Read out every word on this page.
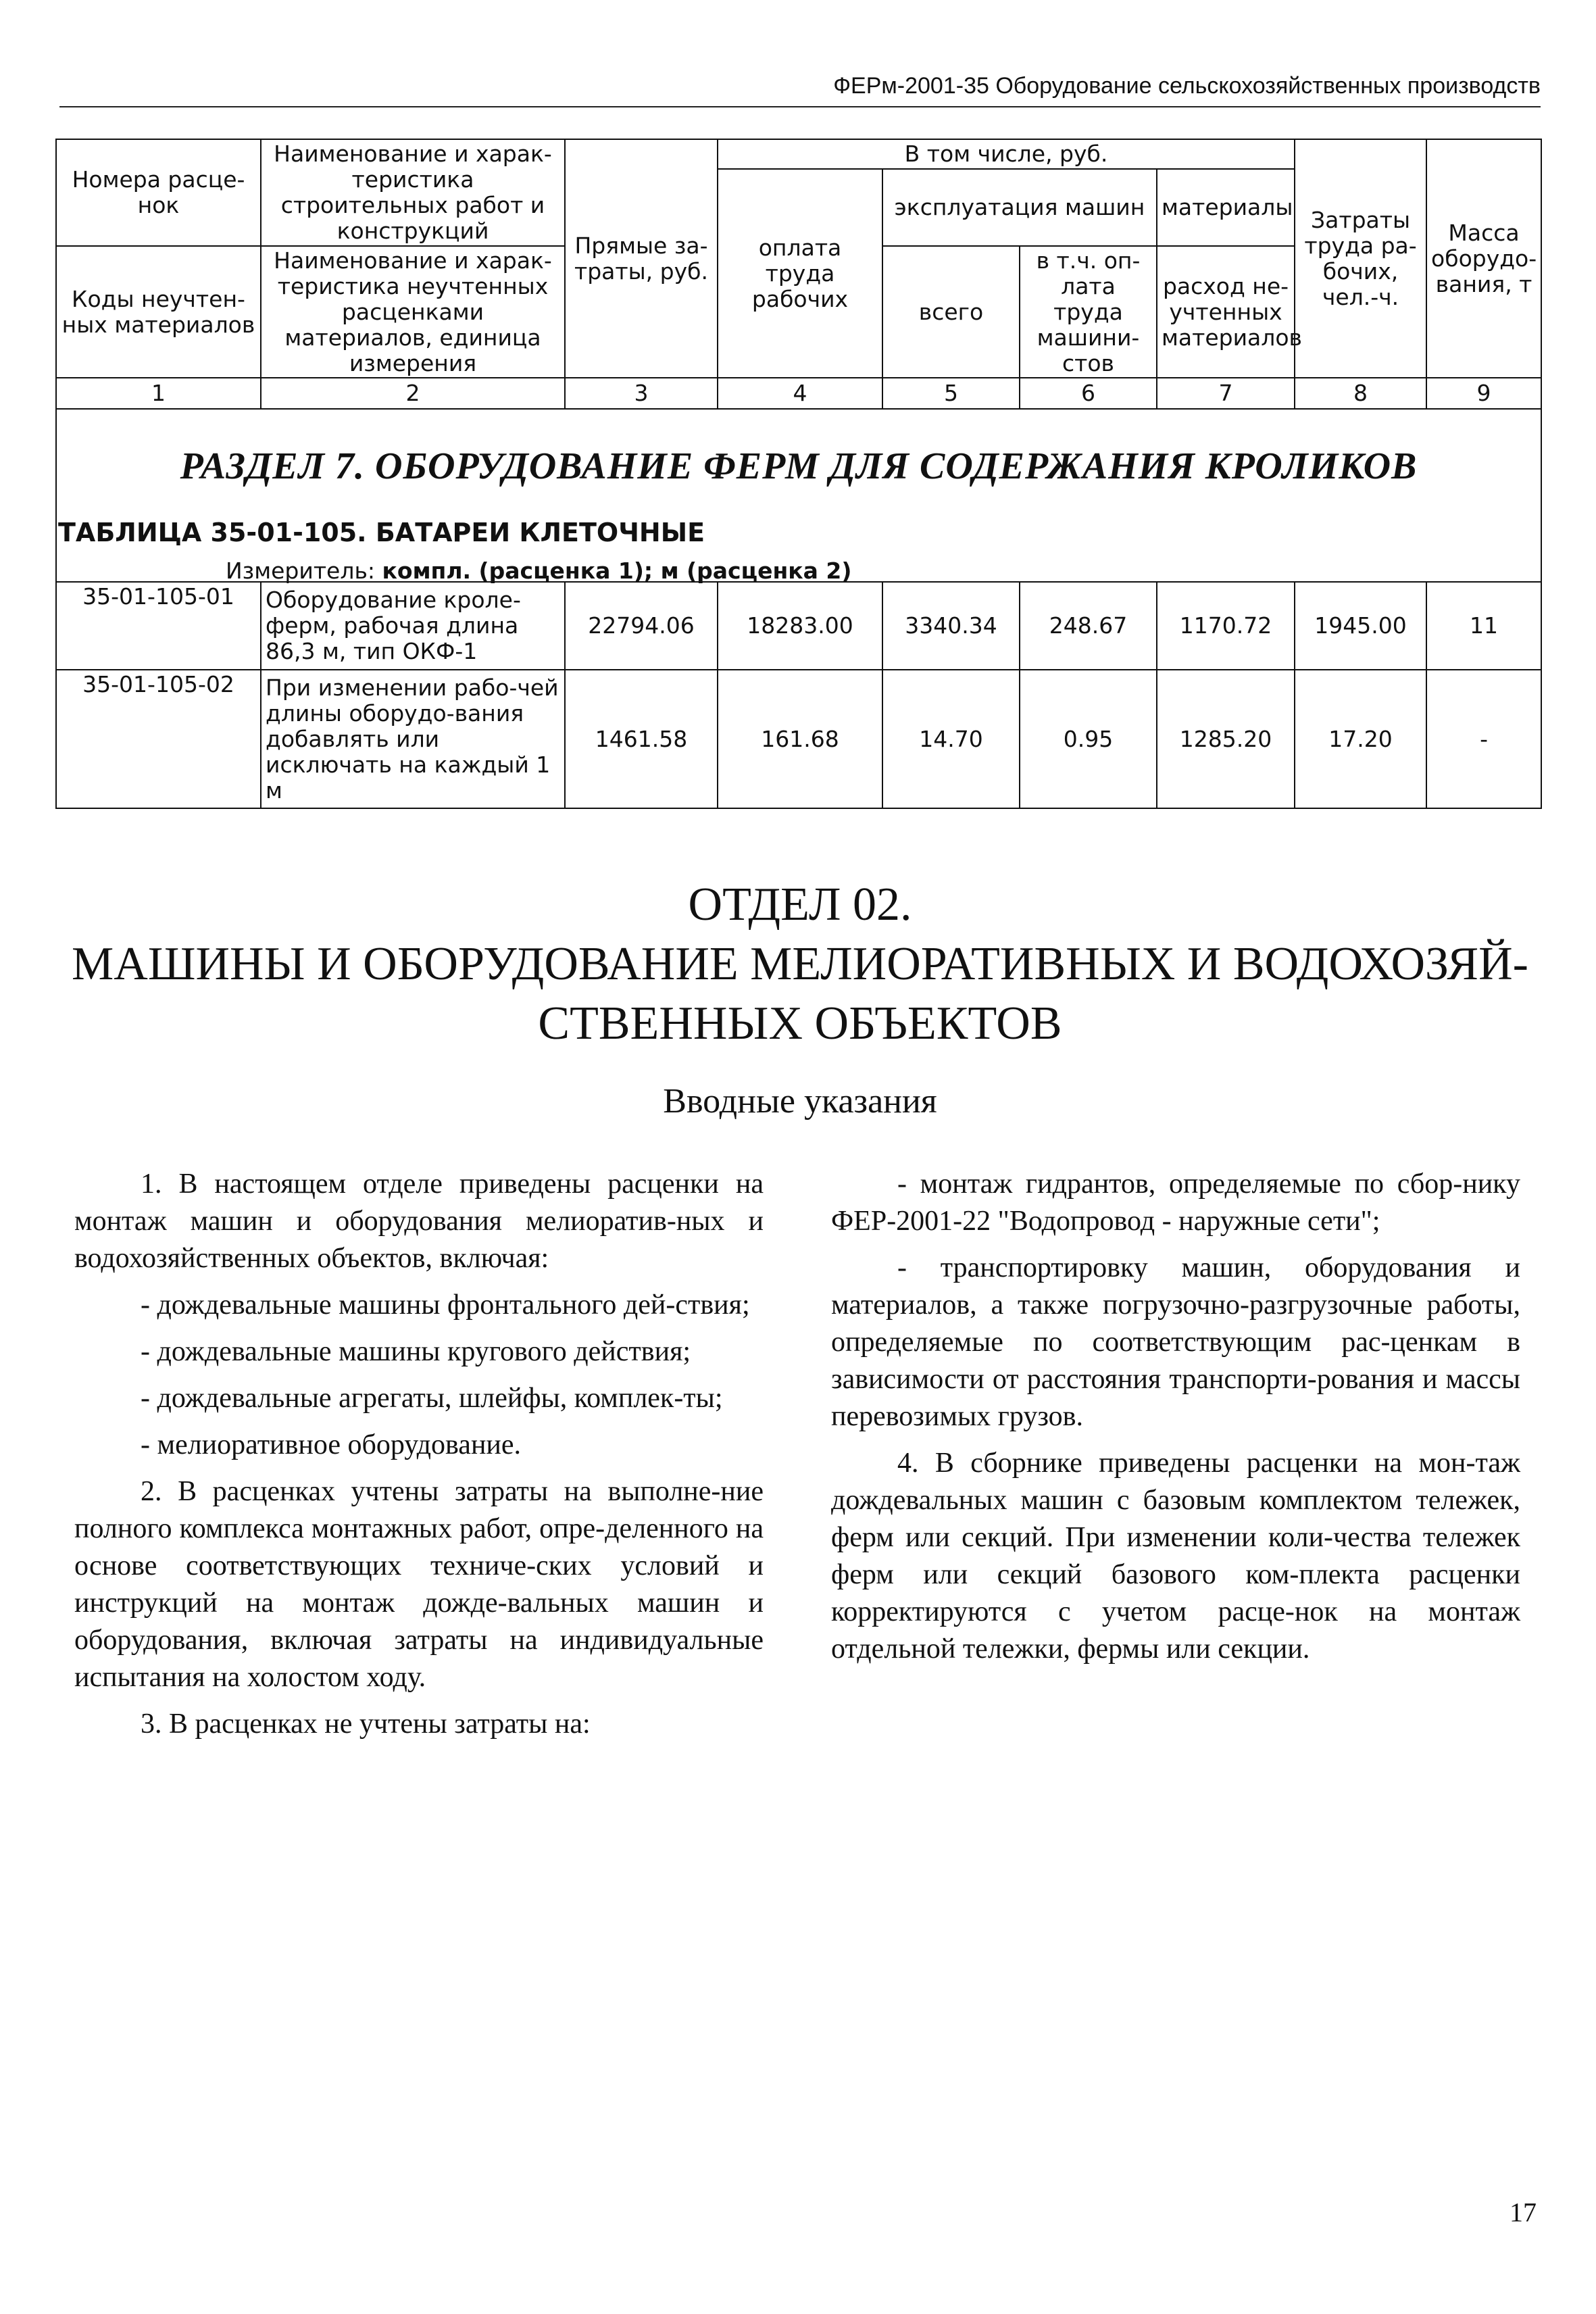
ФЕРм-2001-35 Оборудование сельскохозяйственных производств
Номера расце-нок	Наименование и харак-теристика строительных работ и конструкций	Прямые за-траты, руб.	В том числе, руб.				Затраты труда ра-бочих, чел.-ч.	Масса оборудо-вания, т
			оплата труда рабочих	эксплуатация машин		материалы		
Коды неучтен-ных материалов	Наименование и харак-теристика неучтенных расценками материалов, единица измерения			всего	в т.ч. оп-лата труда машини-стов	расход не-учтенных материалов		

1	2	3	4	5	6	7	8	9

РАЗДЕЛ 7. ОБОРУДОВАНИЕ ФЕРМ ДЛЯ СОДЕРЖАНИЯ КРОЛИКОВ
ТАБЛИЦА 35-01-105. БАТАРЕИ КЛЕТОЧНЫЕ
Измеритель: компл. (расценка 1); м (расценка 2)								

35-01-105-01	Оборудование кроле-ферм, рабочая длина 86,3 м, тип ОКФ-1	22794.06	18283.00	3340.34	248.67	1170.72	1945.00	11
35-01-105-02	При изменении рабо-чей длины оборудо-вания добавлять или исключать на каждый 1 м	1461.58	161.68	14.70	0.95	1285.20	17.20	-
ОТДЕЛ 02.
МАШИНЫ И ОБОРУДОВАНИЕ МЕЛИОРАТИВНЫХ И ВОДОХОЗЯЙ-
СТВЕННЫХ ОБЪЕКТОВ
Вводные указания

1. В настоящем отделе приведены расценки на монтаж машин и оборудования мелиоратив-ных и водохозяйственных объектов, включая:

- дождевальные машины фронтального дей-ствия;

- дождевальные машины кругового действия;

- дождевальные агрегаты, шлейфы, комплек-ты;

- мелиоративное оборудование.

2. В расценках учтены затраты на выполне-ние полного комплекса монтажных работ, опре-деленного на основе соответствующих техниче-ских условий и инструкций на монтаж дожде-вальных машин и оборудования, включая затраты на индивидуальные испытания на холостом ходу.

3. В расценках не учтены затраты на:

- монтаж гидрантов, определяемые по сбор-нику ФЕР-2001-22 "Водопровод - наружные сети";

- транспортировку машин, оборудования и материалов, а также погрузочно-разгрузочные работы, определяемые по соответствующим рас-ценкам в зависимости от расстояния транспорти-рования и массы перевозимых грузов.

4. В сборнике приведены расценки на мон-таж дождевальных машин с базовым комплектом тележек, ферм или секций. При изменении коли-чества тележек ферм или секций базового ком-плекта расценки корректируются с учетом расце-нок на монтаж отдельной тележки, фермы или секции.

17
